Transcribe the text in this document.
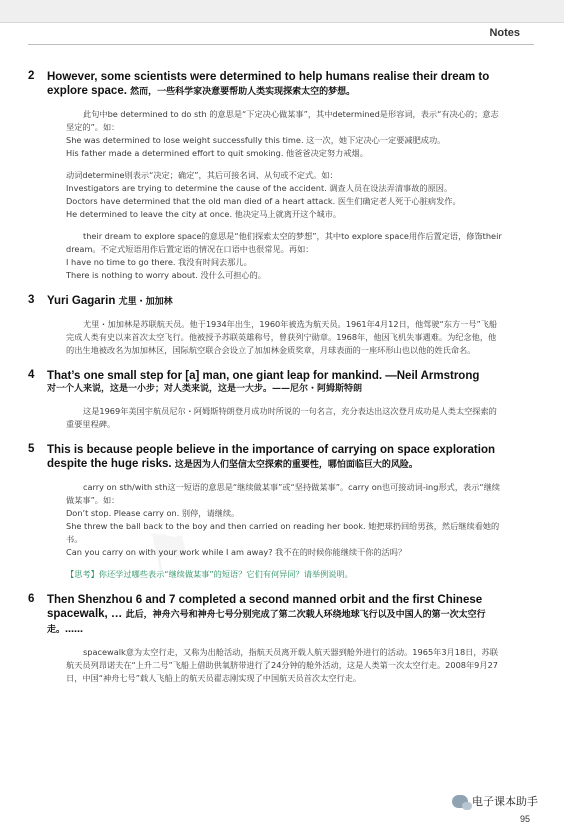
Notes
⚑
2 However, some scientists were determined to help humans realise their dream to explore space. 然而，一些科学家决意要帮助人类实现探索太空的梦想。
此句中be determined to do sth 的意思是“下定决心做某事”，其中determined是形容词，表示“有决心的；意志坚定的”。如：
She was determined to lose weight successfully this time. 这一次，她下定决心一定要减肥成功。
His father made a determined effort to quit smoking. 他爸爸决定努力戒烟。
动词determine则表示“决定；确定”，其后可接名词、从句或不定式。如：
Investigators are trying to determine the cause of the accident. 调查人员在设法弄清事故的原因。
Doctors have determined that the old man died of a heart attack. 医生们确定老人死于心脏病发作。
He determined to leave the city at once. 他决定马上就离开这个城市。
their dream to explore space的意思是“他们探索太空的梦想”，其中to explore space用作后置定语，修饰their dream。不定式短语用作后置定语的情况在口语中也很常见。再如：
I have no time to go there. 我没有时间去那儿。
There is nothing to worry about. 没什么可担心的。
3 Yuri Gagarin 尤里・加加林
尤里・加加林是苏联航天员。他于1934年出生，1960年被选为航天员。1961年4月12日，他驾驶“东方一号”飞船完成人类有史以来首次太空飞行。他被授予苏联英雄称号，曾获列宁勋章。1968年，他因飞机失事遇难。为纪念他，他的出生地被改名为加加林区，国际航空联合会设立了加加林金质奖章，月球表面的一座环形山也以他的姓氏命名。
4 That’s one small step for [a] man, one giant leap for mankind. —Neil Armstrong
对一个人来说，这是一小步；对人类来说，这是一大步。——尼尔・阿姆斯特朗
这是1969年美国宇航员尼尔・阿姆斯特朗登月成功时所说的一句名言，充分表达出这次登月成功是人类太空探索的重要里程碑。
5 This is because people believe in the importance of carrying on space exploration despite the huge risks. 这是因为人们坚信太空探索的重要性，哪怕面临巨大的风险。
carry on sth/with sth这一短语的意思是“继续做某事”或“坚持做某事”。carry on也可接动词-ing形式，表示“继续做某事”。如：
Don’t stop. Please carry on. 别停，请继续。
She threw the ball back to the boy and then carried on reading her book. 她把球扔回给男孩，然后继续看她的书。
Can you carry on with your work while I am away? 我不在的时候你能继续干你的活吗？
【思考】你还学过哪些表示“继续做某事”的短语？它们有何异同？请举例说明。
6 Then Shenzhou 6 and 7 completed a second manned orbit and the first Chinese spacewalk, … 此后，神舟六号和神舟七号分别完成了第二次载人环绕地球飞行以及中国人的第一次太空行走。……
spacewalk意为太空行走，又称为出舱活动，指航天员离开载人航天器到舱外进行的活动。1965年3月18日，苏联航天员列昂诺夫在“上升二号”飞船上借助供氧脐带进行了24分钟的舱外活动，这是人类第一次太空行走。2008年9月27日，中国“神舟七号”载人飞船上的航天员翟志刚实现了中国航天员首次太空行走。
电子课本助手
95
